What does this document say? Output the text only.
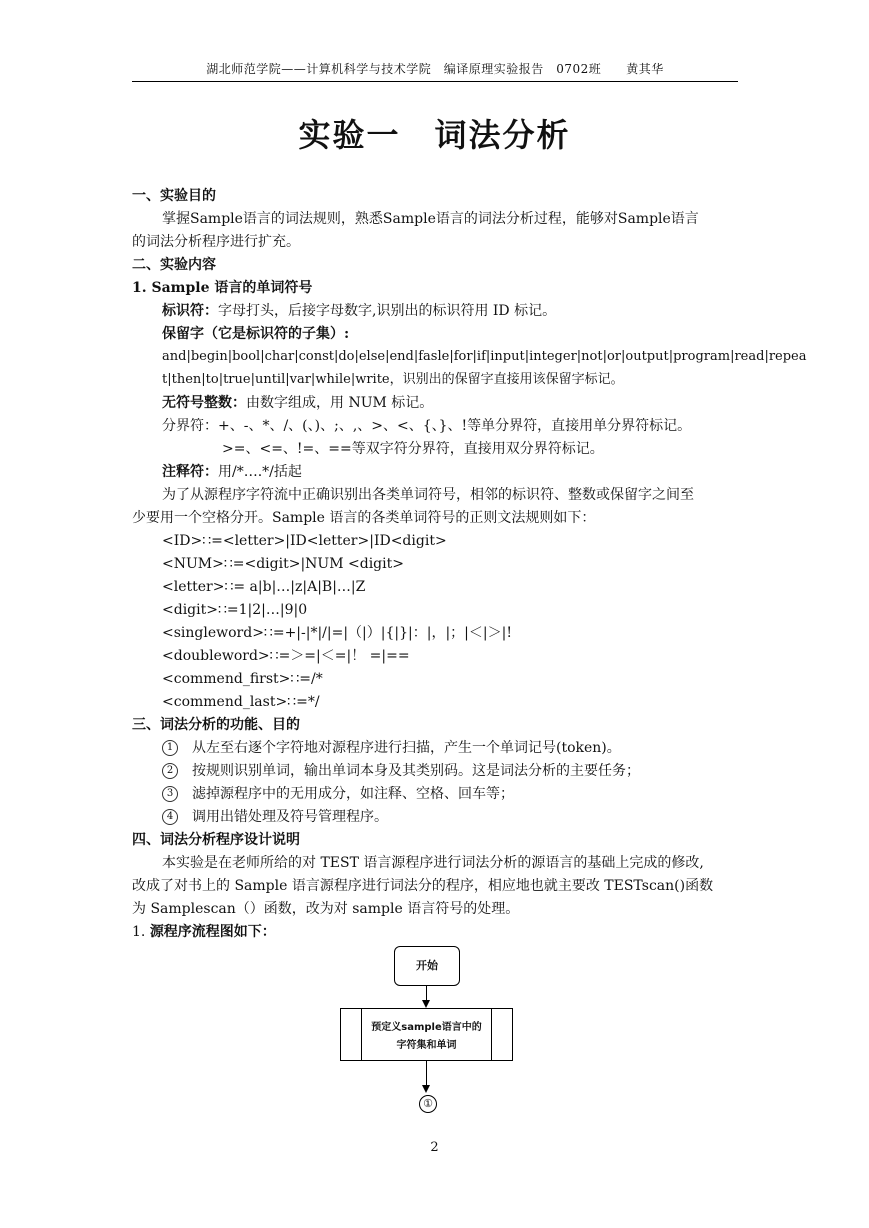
湖北师范学院——计算机科学与技术学院　编译原理实验报告　0702班　　黄其华
实验一　词法分析
一、实验目的
掌握Sample语言的词法规则，熟悉Sample语言的词法分析过程，能够对Sample语言
的词法分析程序进行扩充。
二、实验内容
1. Sample 语言的单词符号
标识符：字母打头，后接字母数字,识别出的标识符用 ID 标记。
保留字（它是标识符的子集）:
and|begin|bool|char|const|do|else|end|fasle|for|if|input|integer|not|or|output|program|read|repea
t|then|to|true|until|var|while|write，识别出的保留字直接用该保留字标记。
无符号整数：由数字组成，用 NUM 标记。
分界符：+、-、*、/、(、)、;、,、>、<、{、}、!等单分界符，直接用单分界符标记。
>=、<=、!=、==等双字符分界符，直接用双分界符标记。
注释符：用/*….*/括起
为了从源程序字符流中正确识别出各类单词符号，相邻的标识符、整数或保留字之间至
少要用一个空格分开。Sample 语言的各类单词符号的正则文法规则如下：
<ID>∷=<letter>|ID<letter>|ID<digit>
<NUM>∷=<digit>|NUM <digit>
<letter>∷= a|b|…|z|A|B|…|Z
<digit>∷=1|2|…|9|0
<singleword>∷=+|-|*|/|=|（|）|{|}|：|，|；|＜|＞|!
<doubleword>∷=＞=|＜=|！ =|==
<commend_first>∷=/*
<commend_last>∷=*/
三、词法分析的功能、目的
1 从左至右逐个字符地对源程序进行扫描，产生一个单词记号(token)。
2 按规则识别单词，输出单词本身及其类别码。这是词法分析的主要任务；
3 滤掉源程序中的无用成分，如注释、空格、回车等；
4 调用出错处理及符号管理程序。
四、词法分析程序设计说明
本实验是在老师所给的对 TEST 语言源程序进行词法分析的源语言的基础上完成的修改,
改成了对书上的 Sample 语言源程序进行词法分的程序，相应地也就主要改 TESTscan()函数
为 Samplescan（）函数，改为对 sample 语言符号的处理。
1. 源程序流程图如下：
开始
预定义sample语言中的
字符集和单词
①
2
